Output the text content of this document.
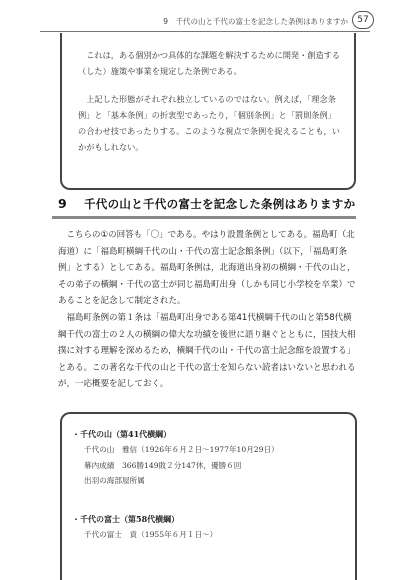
9　千代の山と千代の富士を記念した条例はありますか	57

これは，ある個別かつ具体的な課題を解決するために開発・創造する（した）施策や事業を規定した条例である。

上記した形態がそれぞれ独立しているのではない。例えば，「理念条例」と「基本条例」の折衷型であったり，「個別条例」と「罰則条例」の合わせ技であったりする。このような視点で条例を捉えることも，いかがもしれない。

9 千代の山と千代の富士を記念した条例はありますか

こちらの①の回答も「〇」である。やはり設置条例としてある。福島町（北海道）に「福島町横綱千代の山・千代の富士記念館条例」（以下，「福島町条例」とする）としてある。福島町条例は，北海道出身初の横綱・千代の山と，その弟子の横綱・千代の富士が同じ福島町出身（しかも同じ小学校を卒業）であることを記念して制定された。

福島町条例の第１条は「福島町出身である第41代横綱千代の山と第58代横綱千代の富士の２人の横綱の偉大な功績を後世に語り継ぐとともに，国技大相撲に対する理解を深めるため，横綱千代の山・千代の富士記念館を設置する」とある。この著名な千代の山と千代の富士を知らない読者はいないと思われるが，一応概要を記しておく。

・千代の山（第41代横綱）
千代の山　雅信（1926年６月２日～1977年10月29日）
幕内成績　366勝149敗２分147休，優勝６回
出羽の海部屋所属
・千代の富士（第58代横綱）
千代の富士　貢（1955年６月１日～）
